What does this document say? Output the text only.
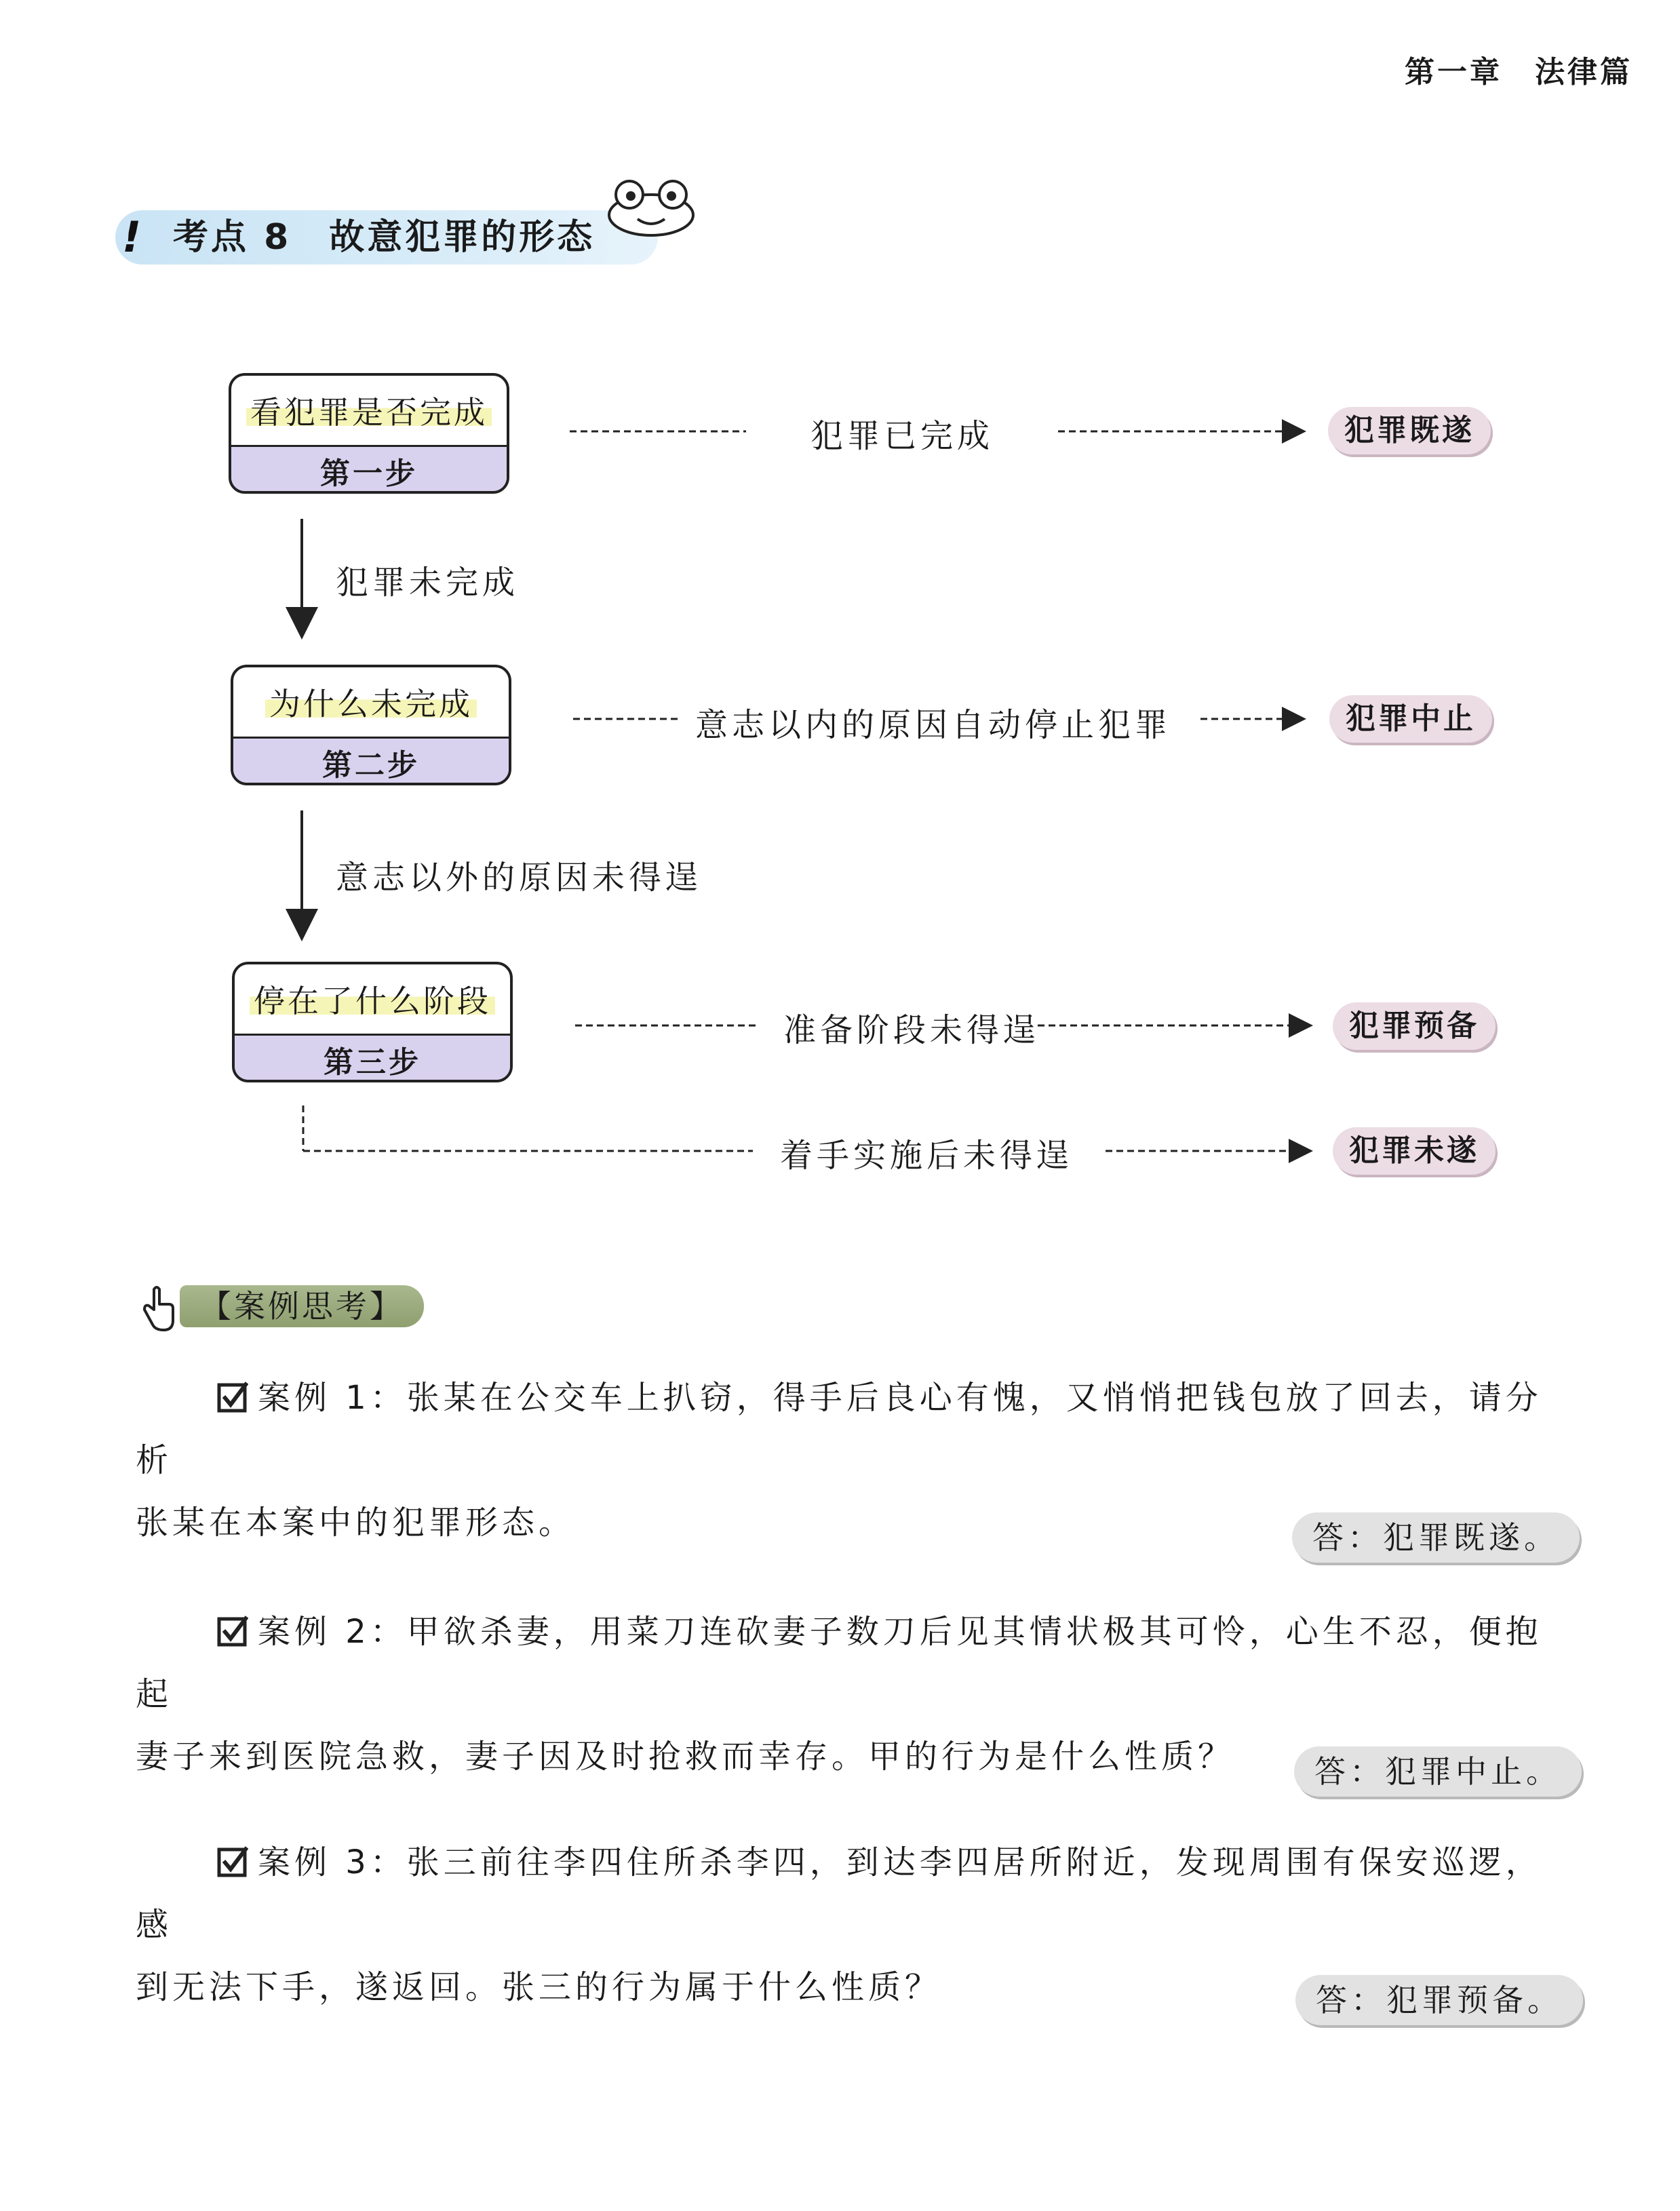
第一章　法律篇
! 考点 8　故意犯罪的形态
看犯罪是否完成
第一步
为什么未完成
第二步
停在了什么阶段
第三步
犯罪未完成
意志以外的原因未得逞
犯罪已完成
意志以内的原因自动停止犯罪
准备阶段未得逞
着手实施后未得逞
犯罪既遂
犯罪中止
犯罪预备
犯罪未遂
【案例思考】
案例 1：张某在公交车上扒窃，得手后良心有愧，又悄悄把钱包放了回去，请分析
张某在本案中的犯罪形态。	答：犯罪既遂。
案例 2：甲欲杀妻，用菜刀连砍妻子数刀后见其情状极其可怜，心生不忍，便抱起
妻子来到医院急救，妻子因及时抢救而幸存。甲的行为是什么性质？	答：犯罪中止。
案例 3：张三前往李四住所杀李四，到达李四居所附近，发现周围有保安巡逻，感
到无法下手，遂返回。张三的行为属于什么性质？	答：犯罪预备。
